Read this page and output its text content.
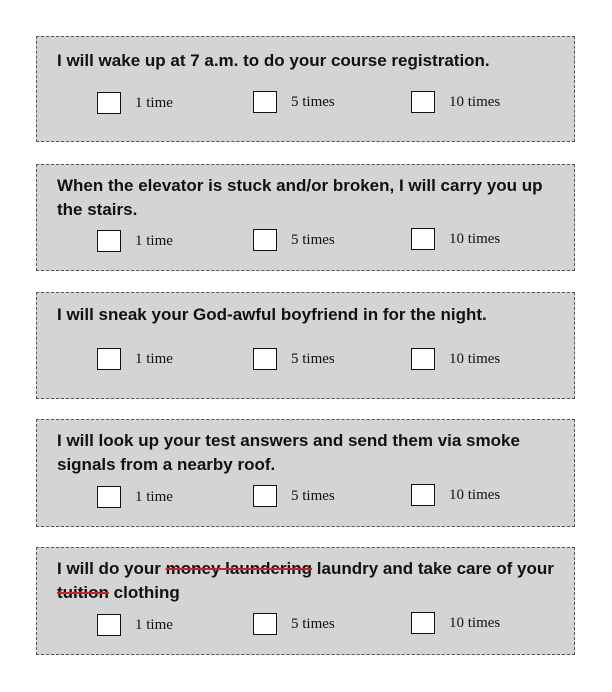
I will wake up at 7 a.m. to do your course registration.

1 time	5 times	10 times

When the elevator is stuck and/or broken, I will carry you up the stairs.

1 time	5 times	10 times

I will sneak your God-awful boyfriend in for the night.

1 time	5 times	10 times

I will look up your test answers and send them via smoke signals from a nearby roof.

1 time	5 times	10 times

I will do your money laundering laundry and take care of your tuition clothing

1 time	5 times	10 times
